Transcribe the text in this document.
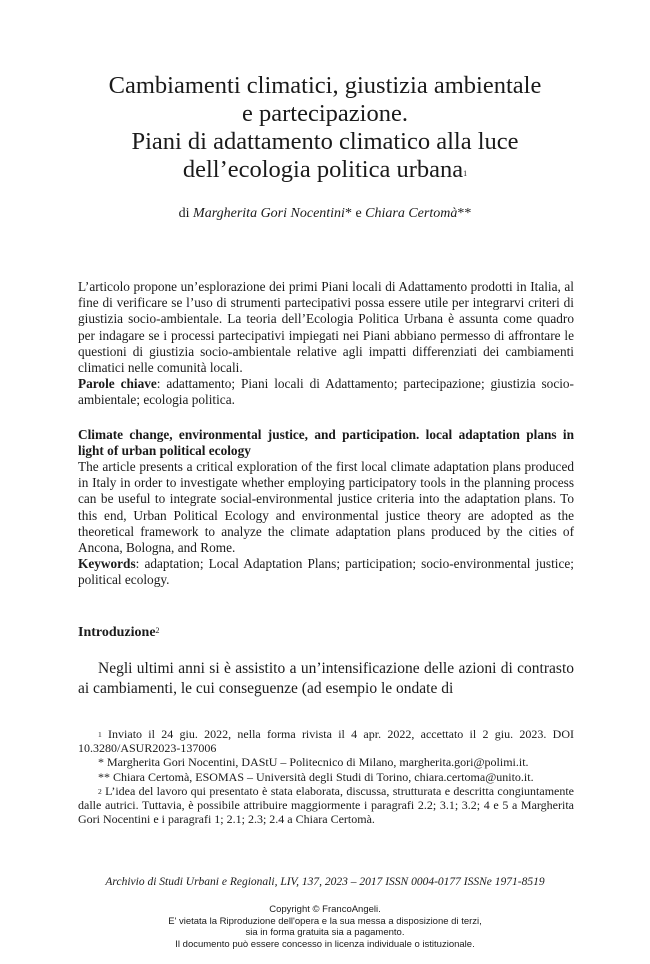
Cambiamenti climatici, giustizia ambientale
e partecipazione.
Piani di adattamento climatico alla luce
dell’ecologia politica urbana$^1$
di Margherita Gori Nocentini* e Chiara Certomà**
L’articolo propone un’esplorazione dei primi Piani locali di Adattamento prodotti in Italia, al fine di verificare se l’uso di strumenti partecipativi possa essere utile per integrarvi criteri di giustizia socio-ambientale. La teoria dell’Ecologia Politica Urbana è assunta come quadro per indagare se i processi partecipativi impiegati nei Piani abbiano permesso di affrontare le questioni di giustizia socio-ambientale relative agli impatti differenziati dei cambiamenti climatici nelle comunità locali.
Parole chiave: adattamento; Piani locali di Adattamento; partecipazione; giustizia socio-ambientale; ecologia politica.
Climate change, environmental justice, and participation. local adaptation plans in light of urban political ecology
The article presents a critical exploration of the first local climate adaptation plans produced in Italy in order to investigate whether employing participatory tools in the planning process can be useful to integrate social-environmental justice criteria into the adaptation plans. To this end, Urban Political Ecology and environmental justice theory are adopted as the theoretical framework to analyze the climate adaptation plans produced by the cities of Ancona, Bologna, and Rome.
Keywords: adaptation; Local Adaptation Plans; participation; socio-environmental justice; political ecology.
Introduzione$^2$
Negli ultimi anni si è assistito a un’intensificazione delle azioni di contrasto ai cambiamenti, le cui conseguenze (ad esempio le ondate di

$^1$ Inviato il 24 giu. 2022, nella forma rivista il 4 apr. 2022, accettato il 2 giu. 2023. DOI 10.3280/ASUR2023-137006

* Margherita Gori Nocentini, DAStU – Politecnico di Milano, margherita.gori@polimi.it.

** Chiara Certomà, ESOMAS – Università degli Studi di Torino, chiara.certoma@unito.it.

$^2$ L’idea del lavoro qui presentato è stata elaborata, discussa, strutturata e descritta congiuntamente dalle autrici. Tuttavia, è possibile attribuire maggiormente i paragrafi 2.2; 3.1; 3.2; 4 e 5 a Margherita Gori Nocentini e i paragrafi 1; 2.1; 2.3; 2.4 a Chiara Certomà.

Archivio di Studi Urbani e Regionali, LIV, 137, 2023 – 2017 ISSN 0004-0177 ISSNe 1971-8519
Copyright © FrancoAngeli.
E' vietata la Riproduzione dell'opera e la sua messa a disposizione di terzi,
sia in forma gratuita sia a pagamento.
Il documento può essere concesso in licenza individuale o istituzionale.
